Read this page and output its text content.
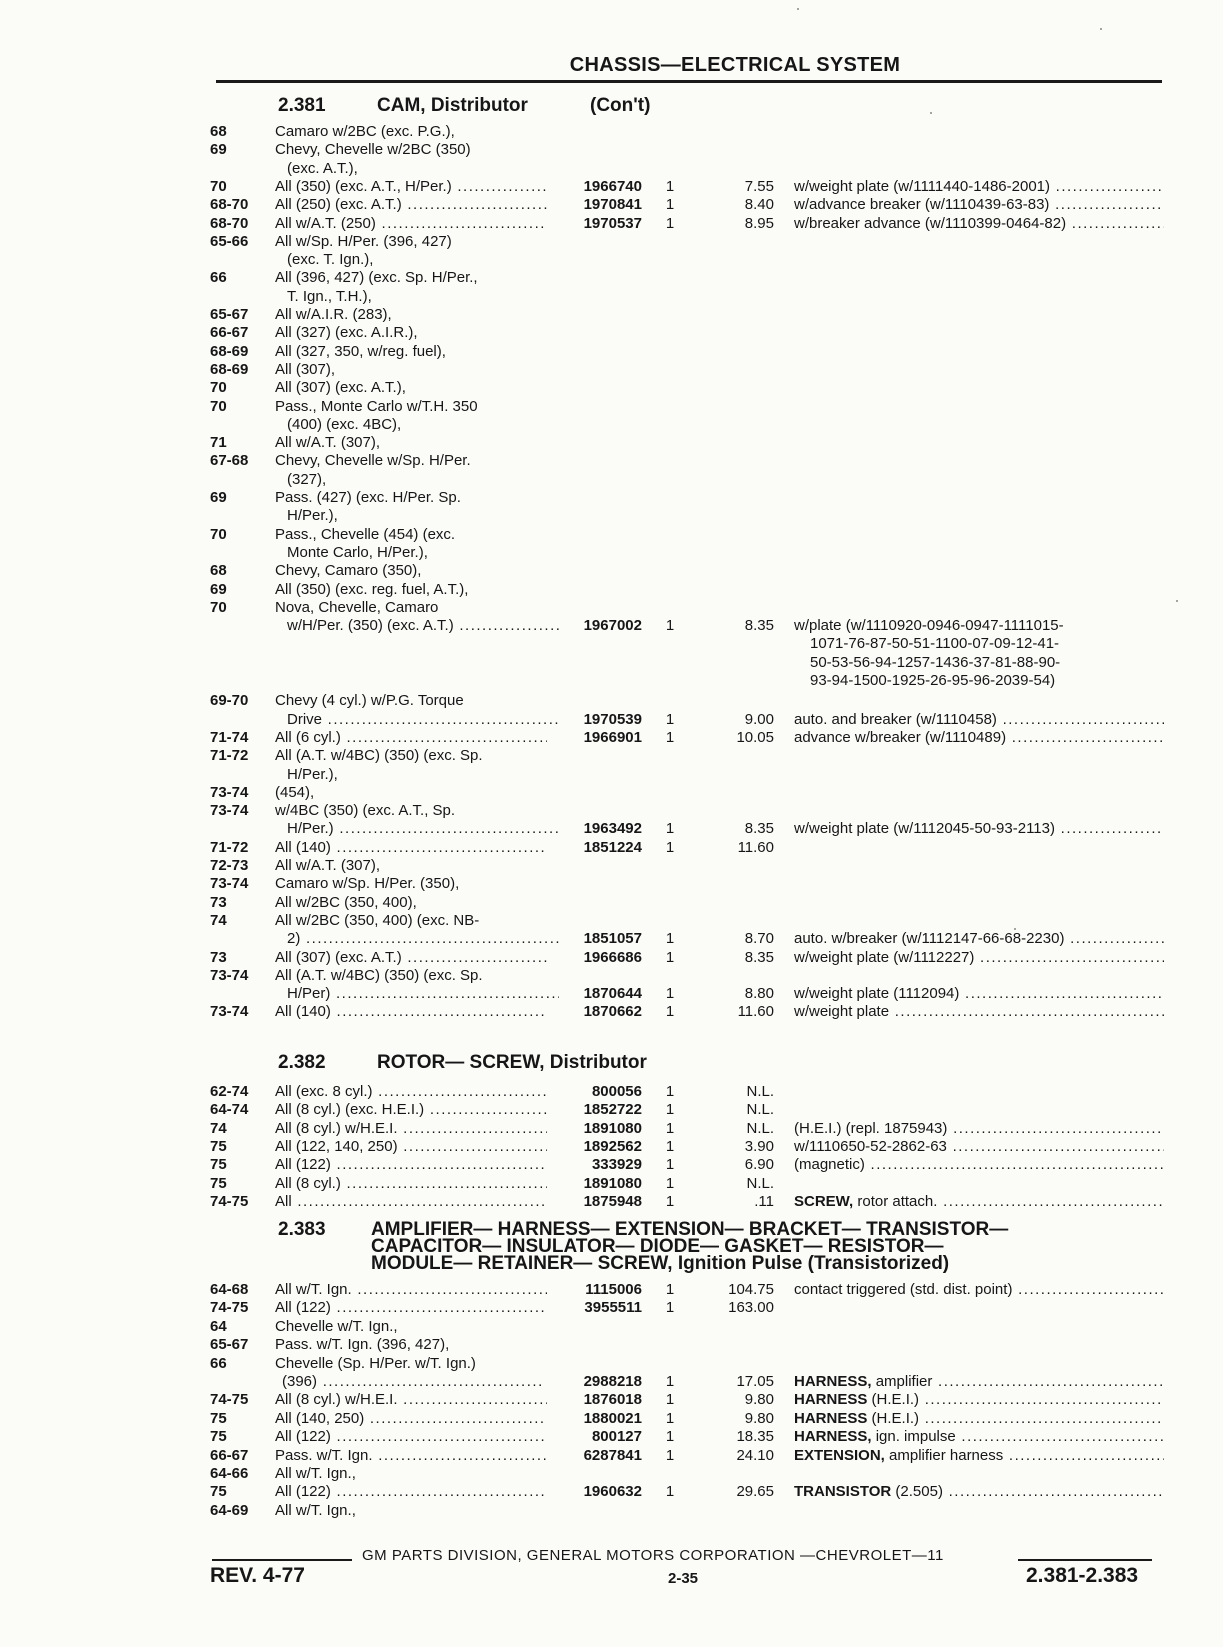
CHASSIS—ELECTRICAL SYSTEM
2.381	CAM, Distributor	(Con't)
68	Camaro w/2BC (exc. P.G.),
69	Chevy, Chevelle w/2BC (350)
(exc. A.T.),
70	All (350) (exc. A.T., H/Per.) .....	1966740	1	7.55 w/weight plate (w/1111440-1486-2001) .....
68-70	All (250) (exc. A.T.) .....	1970841	1	8.40 w/advance breaker (w/1110439-63-83) .....
68-70	All w/A.T. (250) .....	1970537	1	8.95 w/breaker advance (w/1110399-0464-82) .....
65-66	All w/Sp. H/Per. (396, 427)
(exc. T. Ign.),
66	All (396, 427) (exc. Sp. H/Per.,
T. Ign., T.H.),
65-67	All w/A.I.R. (283),
66-67	All (327) (exc. A.I.R.),
68-69	All (327, 350, w/reg. fuel),
68-69	All (307),
70	All (307) (exc. A.T.),
70	Pass., Monte Carlo w/T.H. 350
(400) (exc. 4BC),
71	All w/A.T. (307),
67-68	Chevy, Chevelle w/Sp. H/Per.
(327),
69	Pass. (427) (exc. H/Per. Sp.
H/Per.),
70	Pass., Chevelle (454) (exc.
Monte Carlo, H/Per.),
68	Chevy, Camaro (350),
69	All (350) (exc. reg. fuel, A.T.),
70	Nova, Chevelle, Camaro
w/H/Per. (350) (exc. A.T.) .....	1967002	1	8.35 w/plate (w/1110920-0946-0947-1111015-
1071-76-87-50-51-1100-07-09-12-41-
50-53-56-94-1257-1436-37-81-88-90-
93-94-1500-1925-26-95-96-2039-54)
69-70	Chevy (4 cyl.) w/P.G. Torque
Drive .....	1970539	1	9.00 auto. and breaker (w/1110458) .....
71-74	All (6 cyl.) .....	1966901	1	10.05 advance w/breaker (w/1110489) .....
71-72	All (A.T. w/4BC) (350) (exc. Sp.
H/Per.),
73-74	(454),
73-74	w/4BC (350) (exc. A.T., Sp.
H/Per.) .....	1963492	1	8.35 w/weight plate (w/1112045-50-93-2113) .....
71-72	All (140) .....	1851224	1	11.60
72-73	All w/A.T. (307),
73-74	Camaro w/Sp. H/Per. (350),
73	All w/2BC (350, 400),
74	All w/2BC (350, 400) (exc. NB-
2) .....	1851057	1	8.70 auto. w/breaker (w/1112147-66-68-2230) .....
73	All (307) (exc. A.T.) .....	1966686	1	8.35 w/weight plate (w/1112227) .....
73-74	All (A.T. w/4BC) (350) (exc. Sp.
H/Per) .....	1870644	1	8.80 w/weight plate (1112094) .....
73-74	All (140) .....	1870662	1	11.60 w/weight plate .....
2.382	ROTOR— SCREW, Distributor
62-74	All (exc. 8 cyl.) .....	800056	1	N.L.
64-74	All (8 cyl.) (exc. H.E.I.) .....	1852722	1	N.L.
74	All (8 cyl.) w/H.E.I. .....	1891080	1	N.L. (H.E.I.) (repl. 1875943) .....
75	All (122, 140, 250) .....	1892562	1	3.90 w/1110650-52-2862-63 .....
75	All (122) .....	333929	1	6.90 (magnetic) .....
75	All (8 cyl.) .....	1891080	1	N.L.
74-75	All .....	1875948	1	.11 SCREW, rotor attach. .....
2.383 AMPLIFIER— HARNESS— EXTENSION— BRACKET— TRANSISTOR—
CAPACITOR— INSULATOR— DIODE— GASKET— RESISTOR—
MODULE— RETAINER— SCREW, Ignition Pulse (Transistorized)
64-68	All w/T. Ign. .....	1115006	1	104.75 contact triggered (std. dist. point) .....
74-75	All (122) .....	3955511	1	163.00
64	Chevelle w/T. Ign.,
65-67	Pass. w/T. Ign. (396, 427),
66	Chevelle (Sp. H/Per. w/T. Ign.)
(396) .....	2988218	1	17.05 HARNESS, amplifier .....
74-75	All (8 cyl.) w/H.E.I. .....	1876018	1	9.80 HARNESS (H.E.I.) .....
75	All (140, 250) .....	1880021	1	9.80 HARNESS (H.E.I.) .....
75	All (122) .....	800127	1	18.35 HARNESS, ign. impulse .....
66-67	Pass. w/T. Ign. .....	6287841	1	24.10 EXTENSION, amplifier harness .....
64-66	All w/T. Ign.,
75	All (122) .....	1960632	1	29.65 TRANSISTOR (2.505) .....
64-69	All w/T. Ign.,
GM PARTS DIVISION, GENERAL MOTORS CORPORATION —CHEVROLET—11
REV. 4-77	2-35	2.381-2.383
